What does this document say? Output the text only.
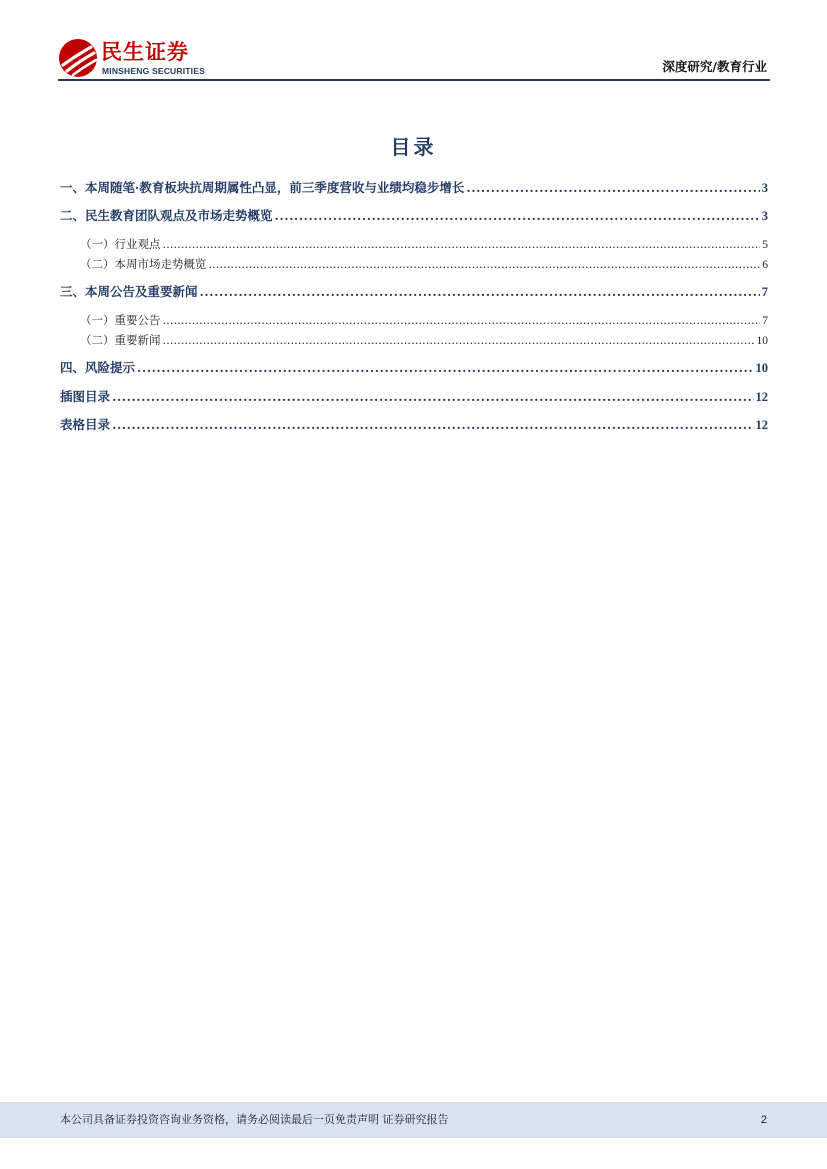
民生证券
MINSHENG SECURITIES	深度研究/教育行业
目录
一、本周随笔·教育板块抗周期属性凸显，前三季度营收与业绩均稳步增长 .....	3
二、民生教育团队观点及市场走势概览 .....	3
（一）行业观点 .....	5
（二）本周市场走势概览 .....	6
三、本周公告及重要新闻 .....	7
（一）重要公告 .....	7
（二）重要新闻 .....	10
四、风险提示 .....	10
插图目录 .....	12
表格目录 .....	12
本公司具备证券投资咨询业务资格，请务必阅读最后一页免责声明 证券研究报告	2
